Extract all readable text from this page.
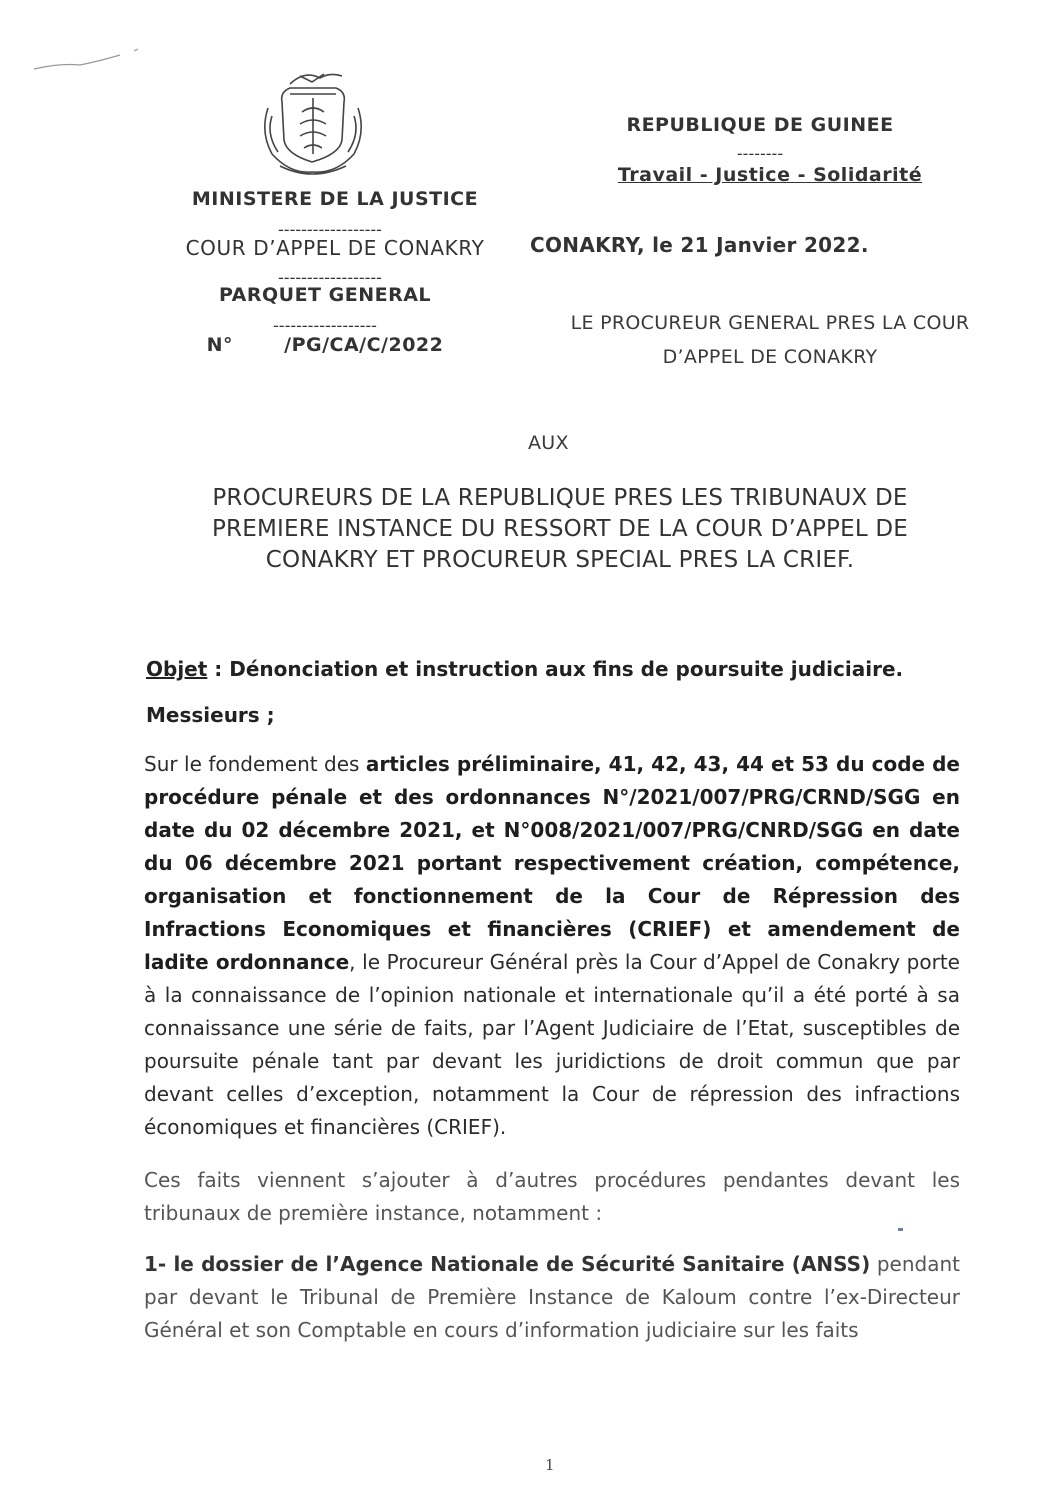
MINISTERE DE LA JUSTICE
------------------
COUR D’APPEL DE CONAKRY
------------------
PARQUET GENERAL
------------------
N°	/PG/CA/C/2022
REPUBLIQUE DE GUINEE
--------
Travail - Justice - Solidarité
CONAKRY, le 21 Janvier 2022.
LE PROCUREUR GENERAL PRES LA COUR
D’APPEL DE CONAKRY
AUX
PROCUREURS DE LA REPUBLIQUE PRES LES TRIBUNAUX DE
PREMIERE INSTANCE DU RESSORT DE LA COUR D’APPEL DE
CONAKRY ET PROCUREUR SPECIAL PRES LA CRIEF.
Objet : Dénonciation et instruction aux fins de poursuite judiciaire.
Messieurs ;
Sur le fondement des articles préliminaire, 41, 42, 43, 44 et 53 du code de procédure pénale et des ordonnances N°/2021/007/PRG/CRND/SGG en date du 02 décembre 2021, et N°008/2021/007/PRG/CNRD/SGG en date du 06 décembre 2021 portant respectivement création, compétence, organisation et fonctionnement de la Cour de Répression des Infractions Economiques et financières (CRIEF) et amendement de ladite ordonnance, le Procureur Général près la Cour d’Appel de Conakry porte à la connaissance de l’opinion nationale et internationale qu’il a été porté à sa connaissance une série de faits, par l’Agent Judiciaire de l’Etat, susceptibles de poursuite pénale tant par devant les juridictions de droit commun que par devant celles d’exception, notamment la Cour de répression des infractions économiques et financières (CRIEF).
Ces faits viennent s’ajouter à d’autres procédures pendantes devant les tribunaux de première instance, notamment :
1- le dossier de l’Agence Nationale de Sécurité Sanitaire (ANSS) pendant par devant le Tribunal de Première Instance de Kaloum contre l’ex-Directeur Général et son Comptable en cours d’information judiciaire sur les faits
1
